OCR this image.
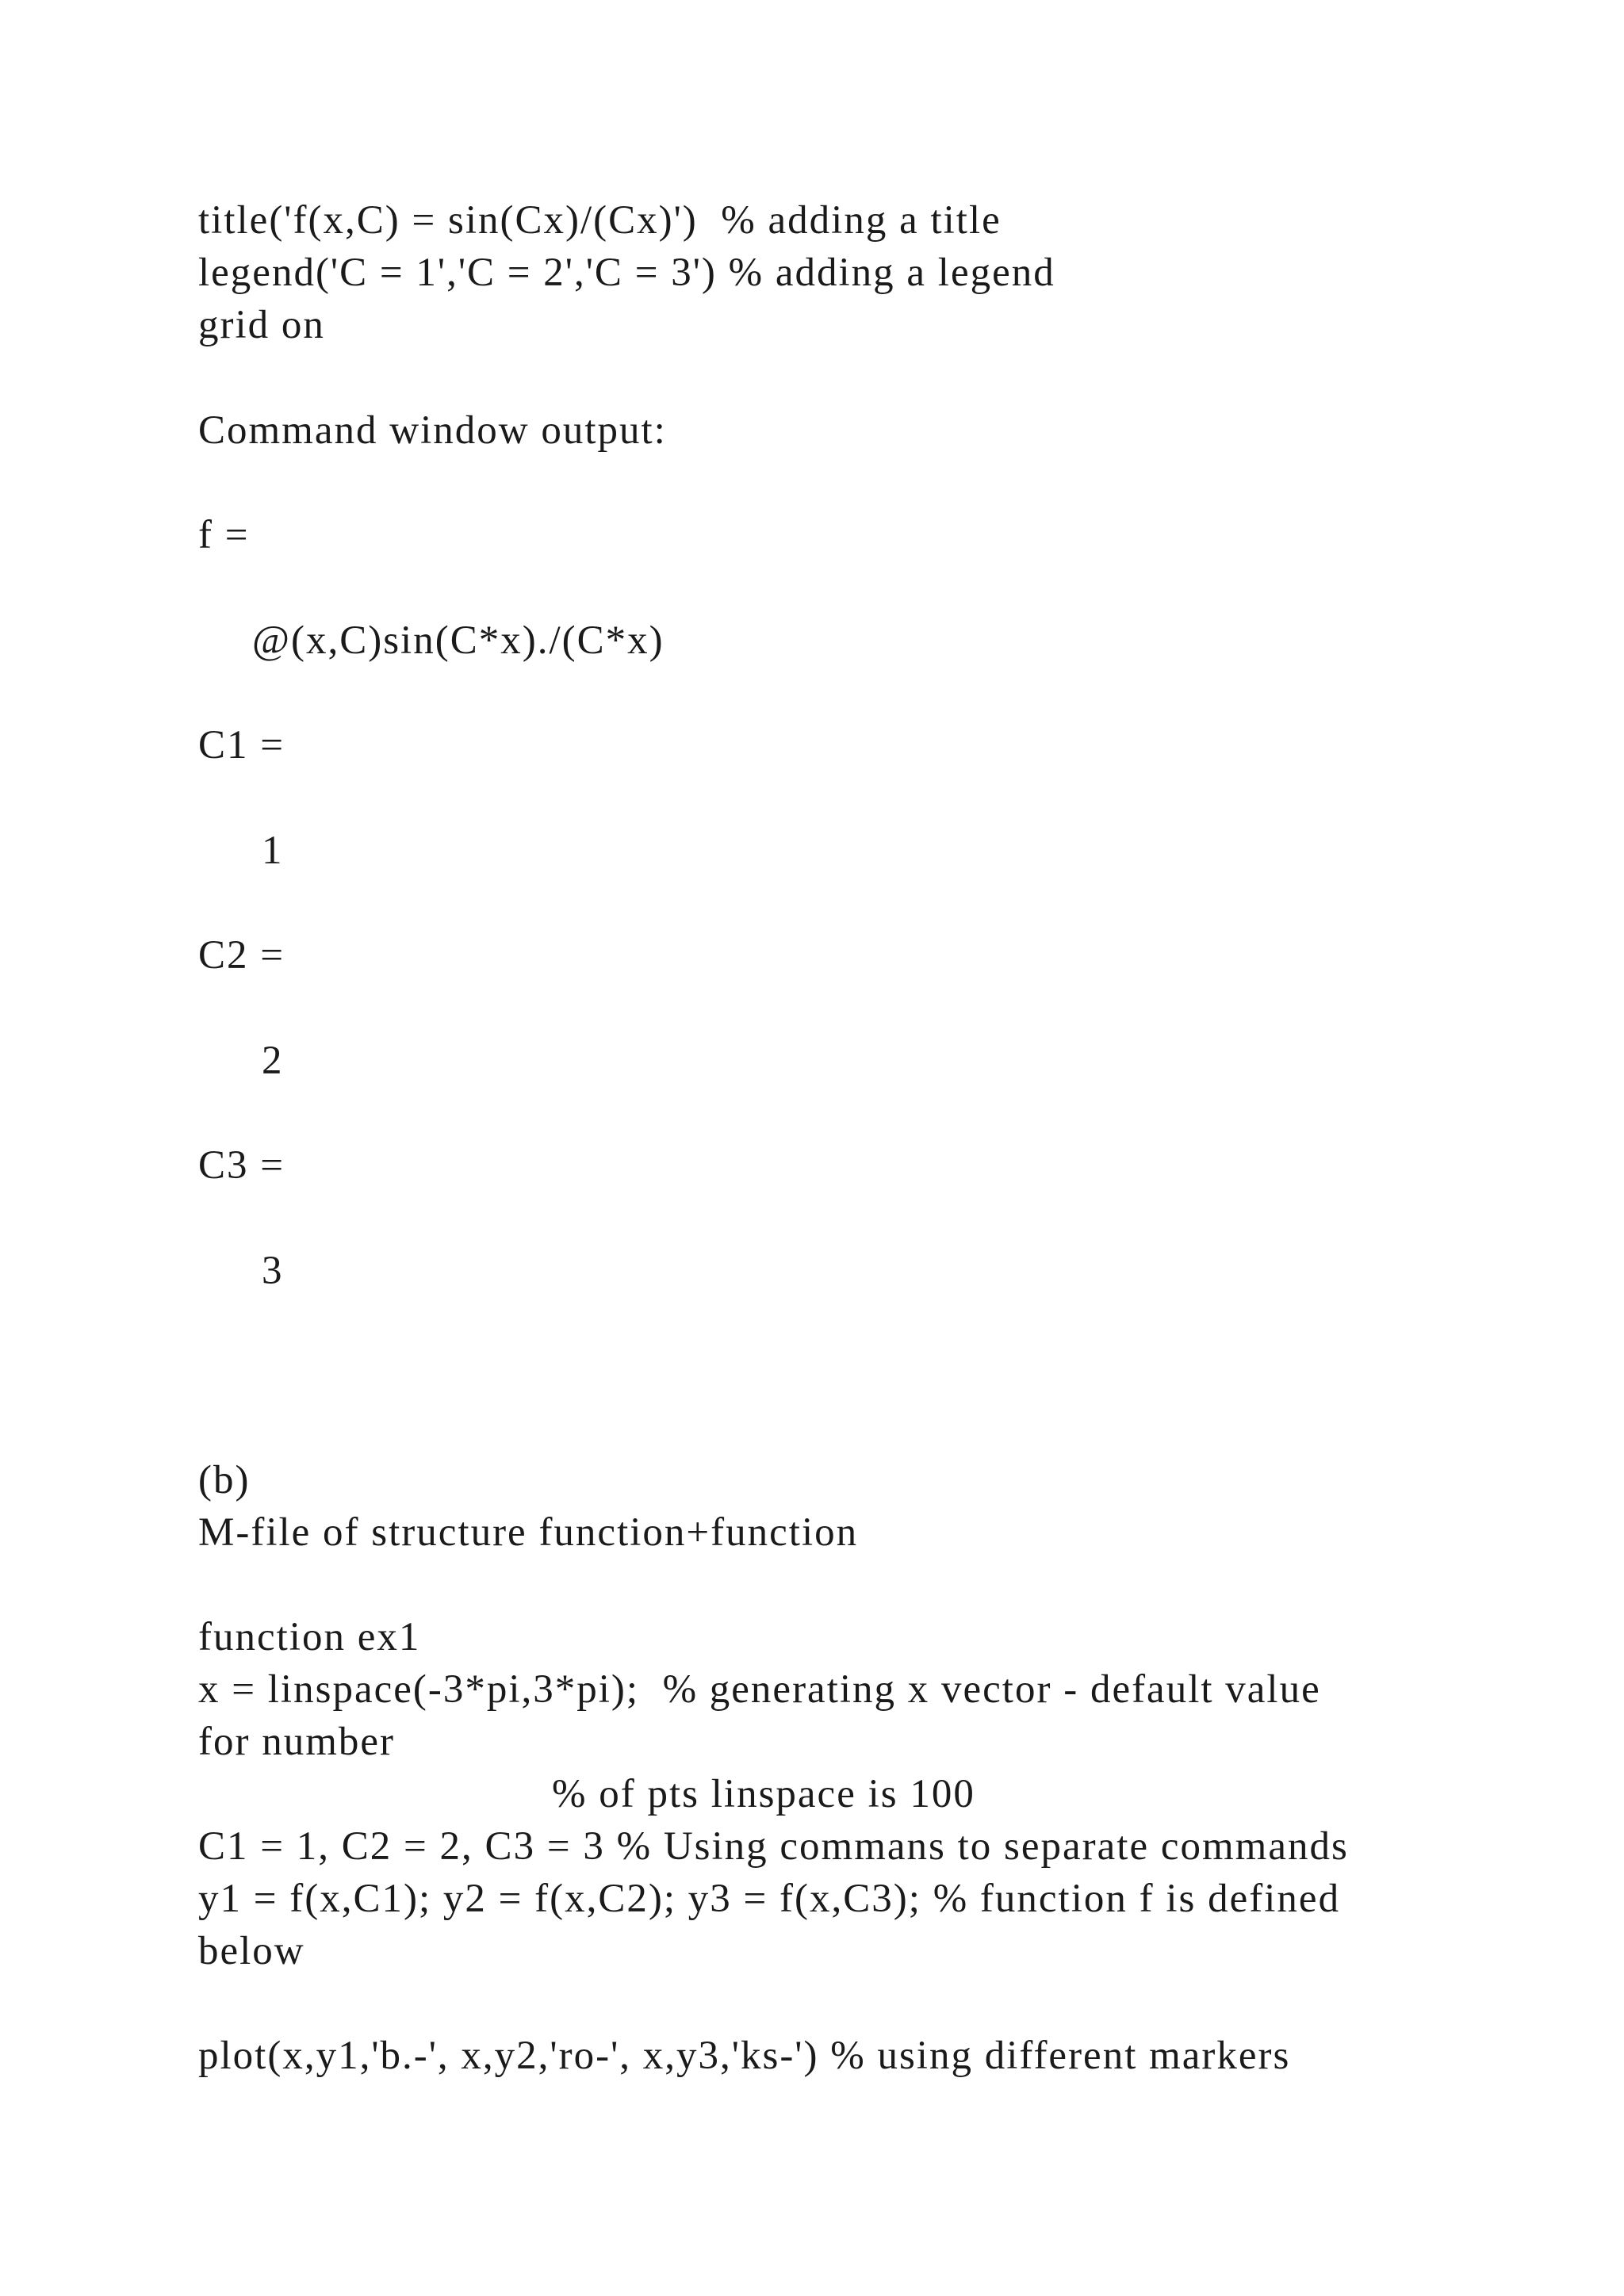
title('f(x,C) = sin(Cx)/(Cx)')  % adding a title
legend('C = 1','C = 2','C = 3') % adding a legend
grid on
Command window output:
f =
@(x,C)sin(C*x)./(C*x)
C1 =
1
C2 =
2
C3 =
3
(b)
M-file of structure function+function
function ex1
x = linspace(-3*pi,3*pi);  % generating x vector - default value
for number
% of pts linspace is 100
C1 = 1, C2 = 2, C3 = 3 % Using commans to separate commands
y1 = f(x,C1); y2 = f(x,C2); y3 = f(x,C3); % function f is defined
below
plot(x,y1,'b.-', x,y2,'ro-', x,y3,'ks-') % using different markers
